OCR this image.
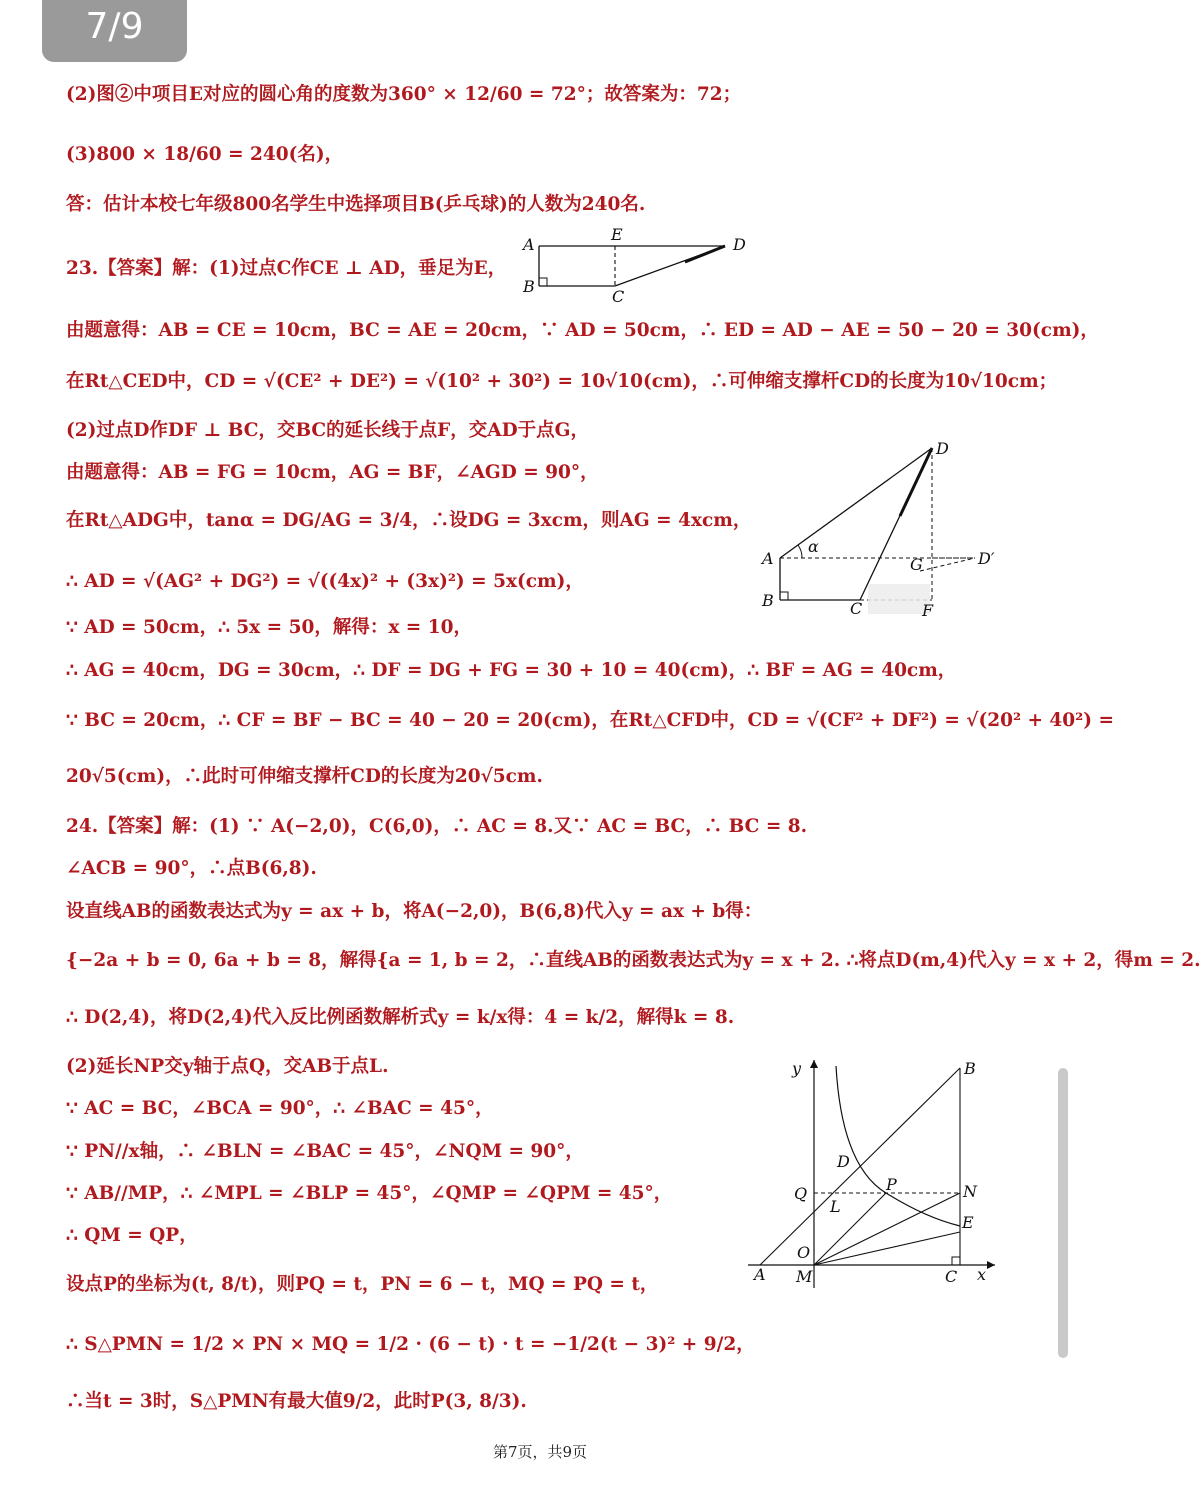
7/9
(2)图②中项目E对应的圆心角的度数为360° × 12/60 = 72°；故答案为：72；
(3)800 × 18/60 = 240(名)，
答：估计本校七年级800名学生中选择项目B(乒乓球)的人数为240名.
23.【答案】解：(1)过点C作CE ⊥ AD，垂足为E，
由题意得：AB = CE = 10cm，BC = AE = 20cm，∵ AD = 50cm，∴ ED = AD − AE = 50 − 20 = 30(cm)，
在Rt△CED中，CD = √(CE² + DE²) = √(10² + 30²) = 10√10(cm)，∴可伸缩支撑杆CD的长度为10√10cm；
(2)过点D作DF ⊥ BC，交BC的延长线于点F，交AD于点G，
由题意得：AB = FG = 10cm，AG = BF，∠AGD = 90°，
在Rt△ADG中，tanα = DG/AG = 3/4，∴设DG = 3xcm，则AG = 4xcm，
∴ AD = √(AG² + DG²) = √((4x)² + (3x)²) = 5x(cm)，
∵ AD = 50cm，∴ 5x = 50，解得：x = 10，
∴ AG = 40cm，DG = 30cm，∴ DF = DG + FG = 30 + 10 = 40(cm)，∴ BF = AG = 40cm，
∵ BC = 20cm，∴ CF = BF − BC = 40 − 20 = 20(cm)，在Rt△CFD中，CD = √(CF² + DF²) = √(20² + 40²) =
20√5(cm)，∴此时可伸缩支撑杆CD的长度为20√5cm.
24.【答案】解：(1) ∵ A(−2,0)，C(6,0)，∴ AC = 8.又∵ AC = BC，∴ BC = 8.
∠ACB = 90°，∴点B(6,8).
设直线AB的函数表达式为y = ax + b，将A(−2,0)，B(6,8)代入y = ax + b得：
{−2a + b = 0, 6a + b = 8，解得{a = 1, b = 2，∴直线AB的函数表达式为y = x + 2. ∴将点D(m,4)代入y = x + 2，得m = 2.
∴ D(2,4)，将D(2,4)代入反比例函数解析式y = k/x得：4 = k/2，解得k = 8.
(2)延长NP交y轴于点Q，交AB于点L.
∵ AC = BC，∠BCA = 90°，∴ ∠BAC = 45°，
∵ PN//x轴，∴ ∠BLN = ∠BAC = 45°，∠NQM = 90°，
∵ AB//MP，∴ ∠MPL = ∠BLP = 45°，∠QMP = ∠QPM = 45°，
∴ QM = QP，
设点P的坐标为(t, 8/t)，则PQ = t，PN = 6 − t，MQ = PQ = t，
∴ S△PMN = 1/2 × PN × MQ = 1/2 · (6 − t) · t = −1/2(t − 3)² + 9/2，
∴当t = 3时，S△PMN有最大值9/2，此时P(3, 8/3).
A
E
D
B
C
D
A
α
G	D′
B	C	F
y	B
D
Q	P	N
L
E
O
A M	C x
第7页，共9页
